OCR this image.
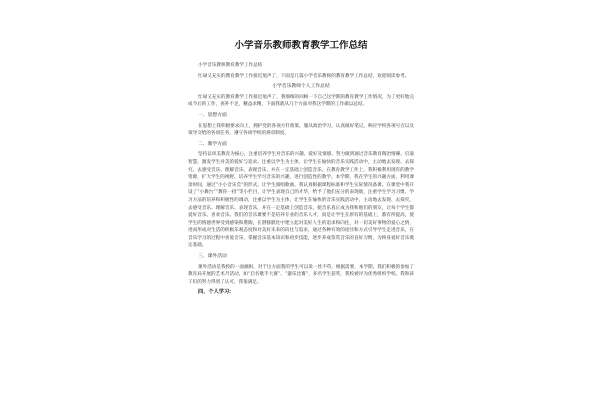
小学音乐教师教育教学工作总结
小学音乐教师教育教学工作总结
忙碌又充实的教育教学工作接近尾声了，下面是几篇小学音乐教师的教育教学工作总结，欢迎阅读参考。
小学音乐教师个人工作总结
忙碌又充实的教育教学工作接近尾声了，我细细的回顾一下自己这学期的教育教学工作情况，为了更好地完成今后的工作，查补不足，精益求精，下面我就从几个方面对我这学期的工作做以总结。
一、思想方面
在思想上我积极要求向上，拥护党的各项方针政策，服从政治学习，认真做好笔记，响应学校各项号召以及领导交给的各项任务，遵守各项学校的规章制度。
二、教学方面
坚持以审美教育为核心，注重培养学生对音乐的兴趣、爱好及情感。努力做到通过音乐教育陶冶情操、启迪智慧，激发学生对美的爱好与追求。注重以学生为主体，让学生在愉快的音乐实践活动中，主动地去发现、去探究，去感受音乐、理解音乐、表现音乐，并在一定基础上创造音乐。在教育教学工作上，我积极利用现有的教学资源，扩大学生的视野，培养学生学习音乐的兴趣，进行创造性的教学。本学期，我在学生的兴趣方面，利用课余时间，通过“小小音乐会”的形式，让学生演唱歌曲。我认真根据课程标准和学生实际情况备课。在课堂中我开设了“小舞台”“教你一招”等小栏目，让学生表现自己的才华，给予了他们充分的表现欲，注重学生学习习惯、学习方法的培养和积极性的调动，注重以学生为主体，让学生在愉快的音乐实践活动中，主动地去发现、去探究，去感受音乐、理解音乐、表现音乐，并在一定基础上创造音乐，使音乐真正成为我和他们的朋友，让每个学生都爱好音乐、喜欢音乐。我们的音乐课要不是培养专业的音乐人才，而是让学生在原有的基础上，都有所提高，使学生的情感世界受到感染和熏陶，在潜移默化中建立起对美好人生的追求和向往，对一切美好事物的爱心之情，进而形成对生活的积极乐观态度和对美好未来的向往与追求，通过各种有效的途径和方式引导学生走进音乐，在音乐学习的过程中喜爱音乐，掌握音乐基本知识和初步技能，逐步养成鉴赏音乐的良好习惯，为终身爱好音乐奠定基础。
三、课外活动
课外活动是我校的一面旗帜，对于这方面我的学生可以说一丝不苟，根据需要，本学期，我们积极的参加了教育局开展的艺术月活动，如“启名歌手大赛”、“器乐比赛”、多名学生获奖，我校被评为优秀组织学校。我和孩子们的努力得到了认可，我很满足。
四、个人学习:
